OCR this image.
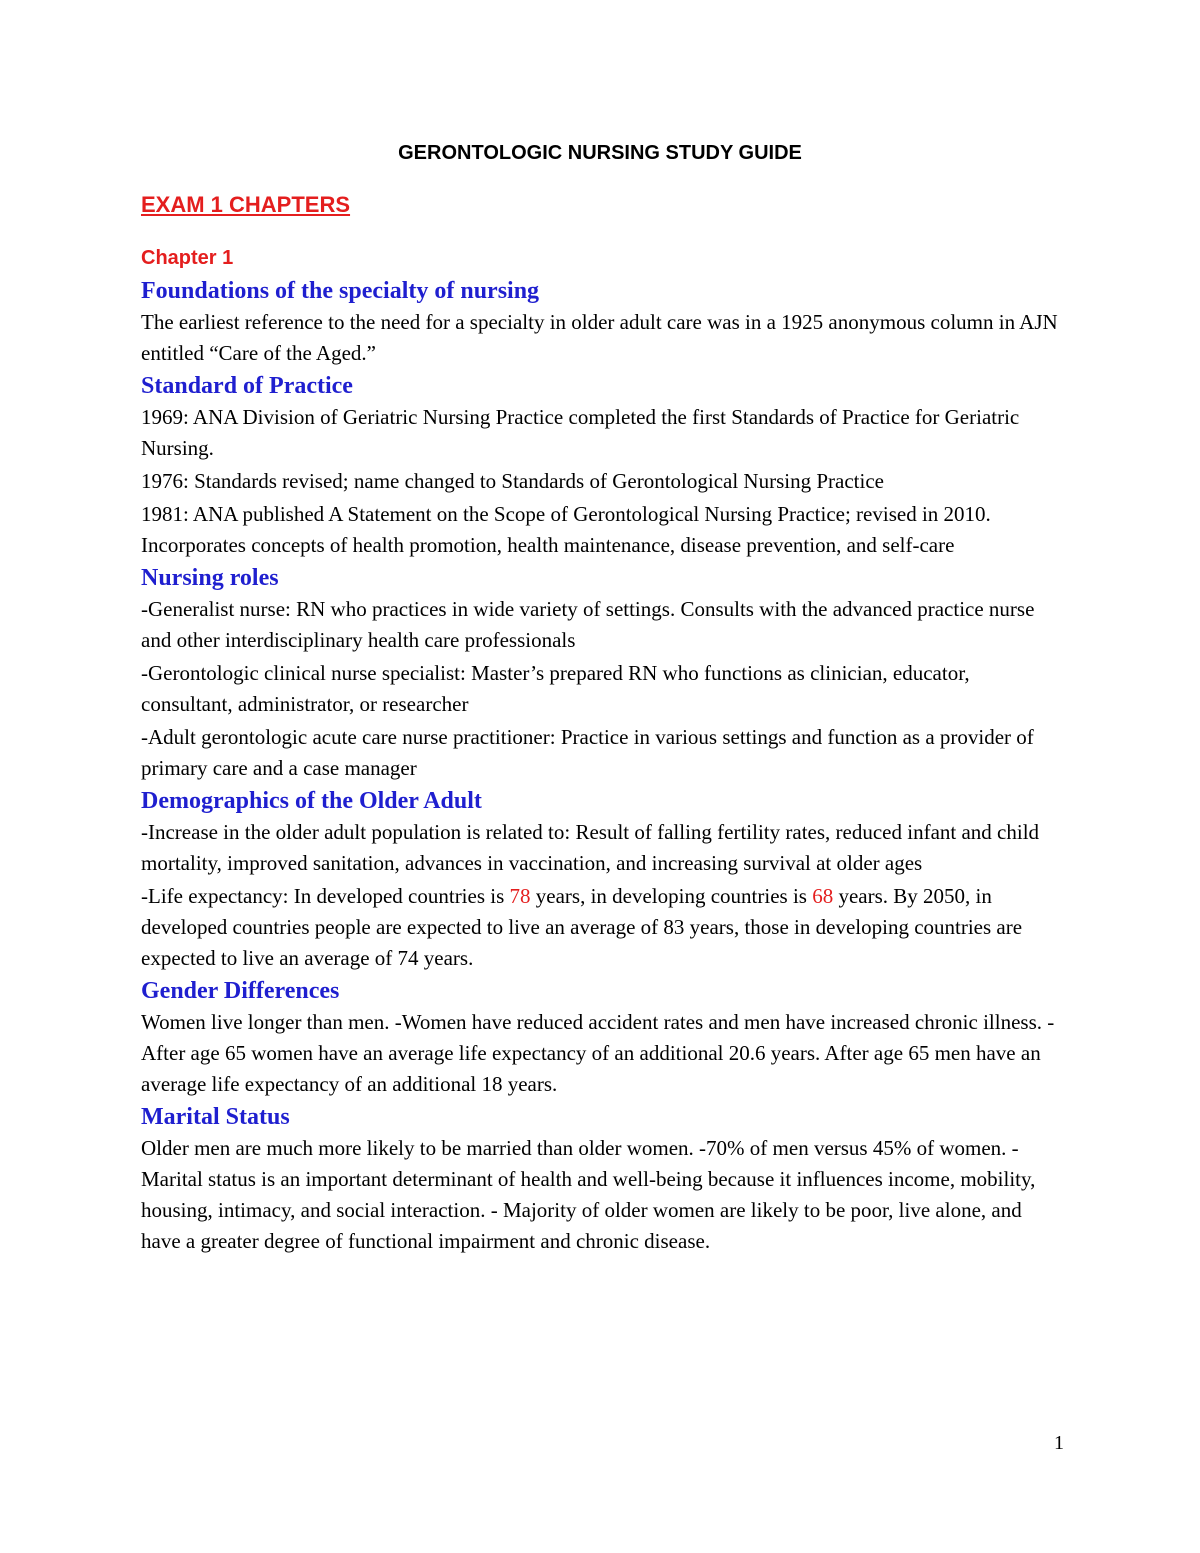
GERONTOLOGIC NURSING STUDY GUIDE
EXAM 1 CHAPTERS
Chapter 1
Foundations of the specialty of nursing

The earliest reference to the need for a specialty in older adult care was in a 1925 anonymous column in AJN entitled “Care of the Aged.”

Standard of Practice

1969: ANA Division of Geriatric Nursing Practice completed the first Standards of Practice for Geriatric Nursing.

1976: Standards revised; name changed to Standards of Gerontological Nursing Practice

1981: ANA published A Statement on the Scope of Gerontological Nursing Practice; revised in 2010. Incorporates concepts of health promotion, health maintenance, disease prevention, and self-care

Nursing roles

-Generalist nurse: RN who practices in wide variety of settings. Consults with the advanced practice nurse and other interdisciplinary health care professionals

-Gerontologic clinical nurse specialist: Master’s prepared RN who functions as clinician, educator, consultant, administrator, or researcher

-Adult gerontologic acute care nurse practitioner: Practice in various settings and function as a provider of primary care and a case manager

Demographics of the Older Adult

-Increase in the older adult population is related to: Result of falling fertility rates, reduced infant and child mortality, improved sanitation, advances in vaccination, and increasing survival at older ages

-Life expectancy: In developed countries is 78 years, in developing countries is 68 years. By 2050, in developed countries people are expected to live an average of 83 years, those in developing countries are expected to live an average of 74 years.

Gender Differences

Women live longer than men. -Women have reduced accident rates and men have increased chronic illness. - After age 65 women have an average life expectancy of an additional 20.6 years. After age 65 men have an average life expectancy of an additional 18 years.

Marital Status

Older men are much more likely to be married than older women. -70% of men versus 45% of women. -Marital status is an important determinant of health and well-being because it influences income, mobility, housing, intimacy, and social interaction. - Majority of older women are likely to be poor, live alone, and have a greater degree of functional impairment and chronic disease.

1
